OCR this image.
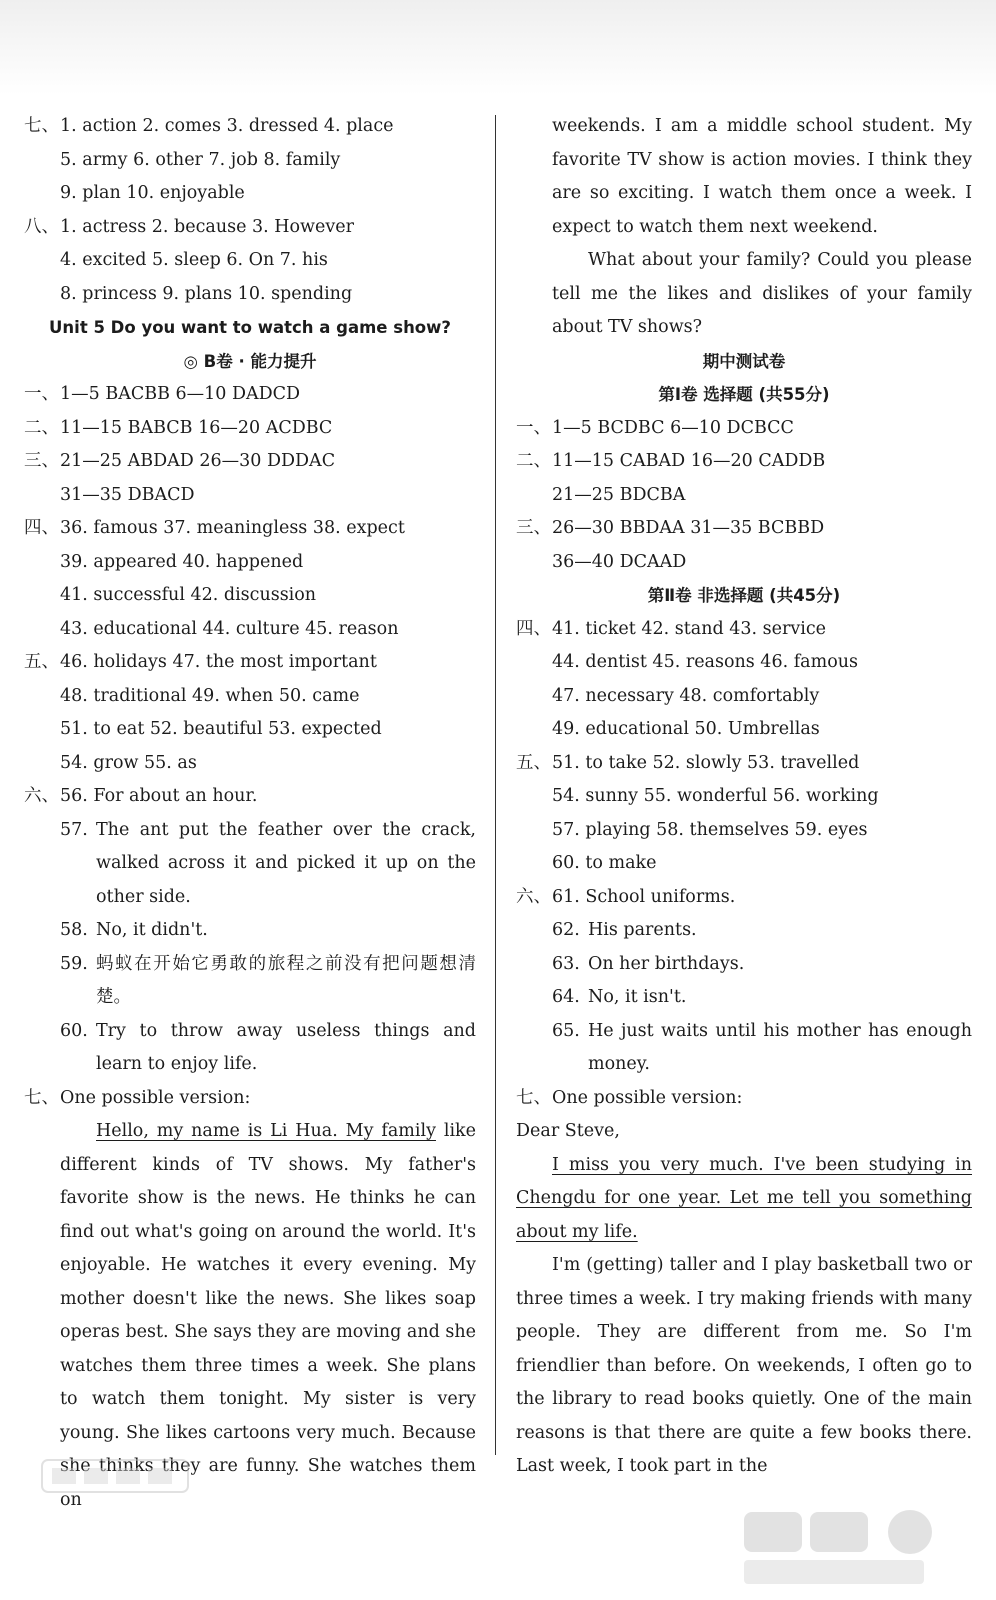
七、 1. action 2. comes 3. dressed 4. place
5. army 6. other 7. job 8. family
9. plan 10. enjoyable
八、 1. actress 2. because 3. However
4. excited 5. sleep 6. On 7. his
8. princess 9. plans 10. spending
Unit 5 Do you want to watch a game show?
◎ B卷 · 能力提升
一、 1—5 BACBB 6—10 DADCD
二、 11—15 BABCB 16—20 ACDBC
三、 21—25 ABDAD 26—30 DDDAC
31—35 DBACD
四、 36. famous 37. meaningless 38. expect
39. appeared 40. happened
41. successful 42. discussion
43. educational 44. culture 45. reason
五、 46. holidays 47. the most important
48. traditional 49. when 50. came
51. to eat 52. beautiful 53. expected
54. grow 55. as
六、 56. For about an hour.
57. The ant put the feather over the crack, walked across it and picked it up on the other side.
58. No, it didn't.
59. 蚂蚁在开始它勇敢的旅程之前没有把问题想清楚。
60. Try to throw away useless things and learn to enjoy life.
七、 One possible version:
Hello, my name is Li Hua. My family like different kinds of TV shows. My father's favorite show is the news. He thinks he can find out what's going on around the world. It's enjoyable. He watches it every evening. My mother doesn't like the news. She likes soap operas best. She says they are moving and she watches them three times a week. She plans to watch them tonight. My sister is very young. She likes cartoons very much. Because she thinks they are funny. She watches them on
weekends. I am a middle school student. My favorite TV show is action movies. I think they are so exciting. I watch them once a week. I expect to watch them next weekend.
What about your family? Could you please tell me the likes and dislikes of your family about TV shows?
期中测试卷
第Ⅰ卷 选择题 (共55分)
一、 1—5 BCDBC 6—10 DCBCC
二、 11—15 CABAD 16—20 CADDB
21—25 BDCBA
三、 26—30 BBDAA 31—35 BCBBD
36—40 DCAAD
第Ⅱ卷 非选择题 (共45分)
四、 41. ticket 42. stand 43. service
44. dentist 45. reasons 46. famous
47. necessary 48. comfortably
49. educational 50. Umbrellas
五、 51. to take 52. slowly 53. travelled
54. sunny 55. wonderful 56. working
57. playing 58. themselves 59. eyes
60. to make
六、 61. School uniforms.
62. His parents.
63. On her birthdays.
64. No, it isn't.
65. He just waits until his mother has enough money.
七、 One possible version:
Dear Steve,
I miss you very much. I've been studying in Chengdu for one year. Let me tell you something about my life.
I'm (getting) taller and I play basketball two or three times a week. I try making friends with many people. They are different from me. So I'm friendlier than before. On weekends, I often go to the library to read books quietly. One of the main reasons is that there are quite a few books there. Last week, I took part in the
